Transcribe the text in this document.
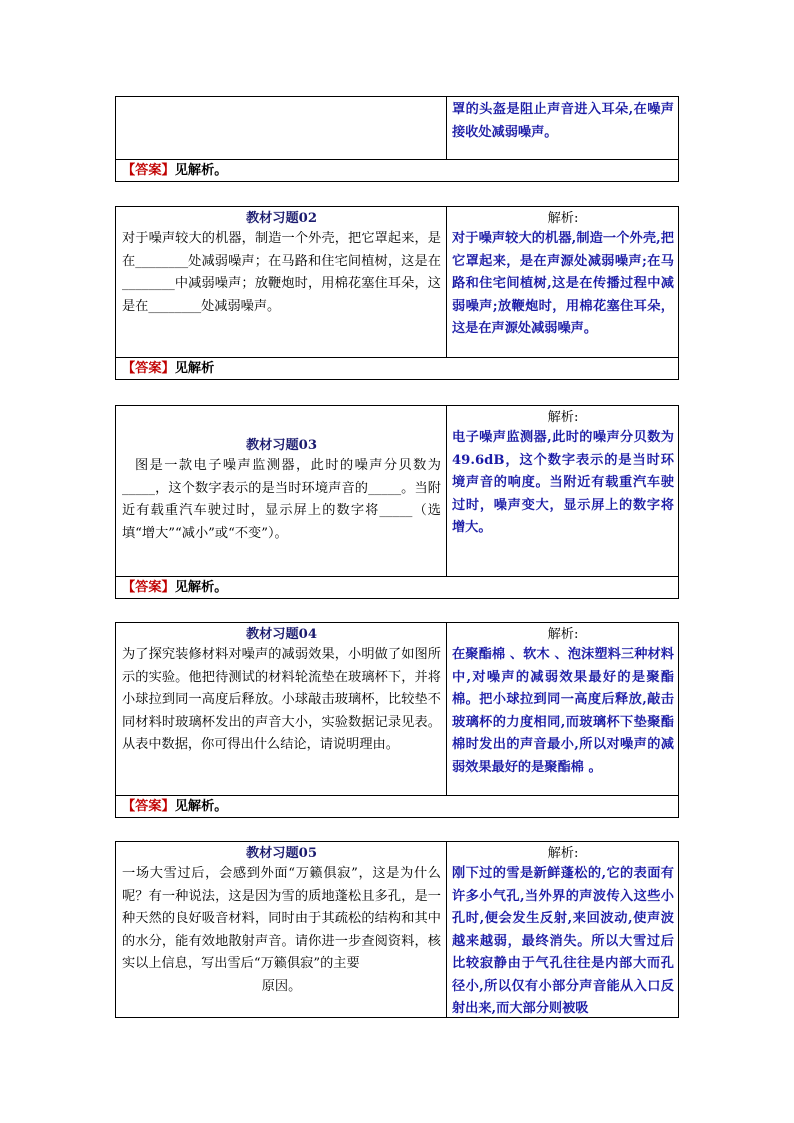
罩的头盔是阻止声音进入耳朵,在噪声接收处减弱噪声。
【答案】见解析。
教材习题02
对于噪声较大的机器，制造一个外壳，把它罩起来，是在________处减弱噪声；在马路和住宅间植树，这是在________中减弱噪声；放鞭炮时，用棉花塞住耳朵，这是在________处减弱噪声。
解析:
对于噪声较大的机器,制造一个外壳,把它罩起来，是在声源处减弱噪声;在马路和住宅间植树,这是在传播过程中减弱噪声;放鞭炮时，用棉花塞住耳朵，这是在声源处减弱噪声。
【答案】见解析
教材习题03
图是一款电子噪声监测器，此时的噪声分贝数为_____，这个数字表示的是当时环境声音的_____。当附近有载重汽车驶过时，显示屏上的数字将_____（选填“增大”“减小”或“不变”）。
解析:
电子噪声监测器,此时的噪声分贝数为49.6dB，这个数字表示的是当时环境声音的响度。当附近有载重汽车驶过时，噪声变大，显示屏上的数字将增大。
【答案】见解析。
教材习题04
为了探究装修材料对噪声的减弱效果，小明做了如图所示的实验。他把待测试的材料轮流垫在玻璃杯下，并将小球拉到同一高度后释放。小球敲击玻璃杯，比较垫不同材料时玻璃杯发出的声音大小，实验数据记录见表。从表中数据，你可得出什么结论，请说明理由。
解析:
在聚酯棉 、软木 、泡沫塑料三种材料中,对噪声的减弱效果最好的是聚酯棉。把小球拉到同一高度后释放,敲击玻璃杯的力度相同,而玻璃杯下垫聚酯棉时发出的声音最小,所以对噪声的减弱效果最好的是聚酯棉 。
【答案】见解析。
教材习题05
一场大雪过后，会感到外面“万籁俱寂”，这是为什么呢？有一种说法，这是因为雪的质地蓬松且多孔，是一种天然的良好吸音材料，同时由于其疏松的结构和其中的水分，能有效地散射声音。请你进一步查阅资料，核实以上信息，写出雪后“万籁俱寂”的主要
原因。
解析:
刚下过的雪是新鲜蓬松的,它的表面有许多小气孔,当外界的声波传入这些小孔时,便会发生反射,来回波动,使声波越来越弱，最终消失。所以大雪过后比较寂静由于气孔往往是内部大而孔径小,所以仅有小部分声音能从入口反射出来,而大部分则被吸
